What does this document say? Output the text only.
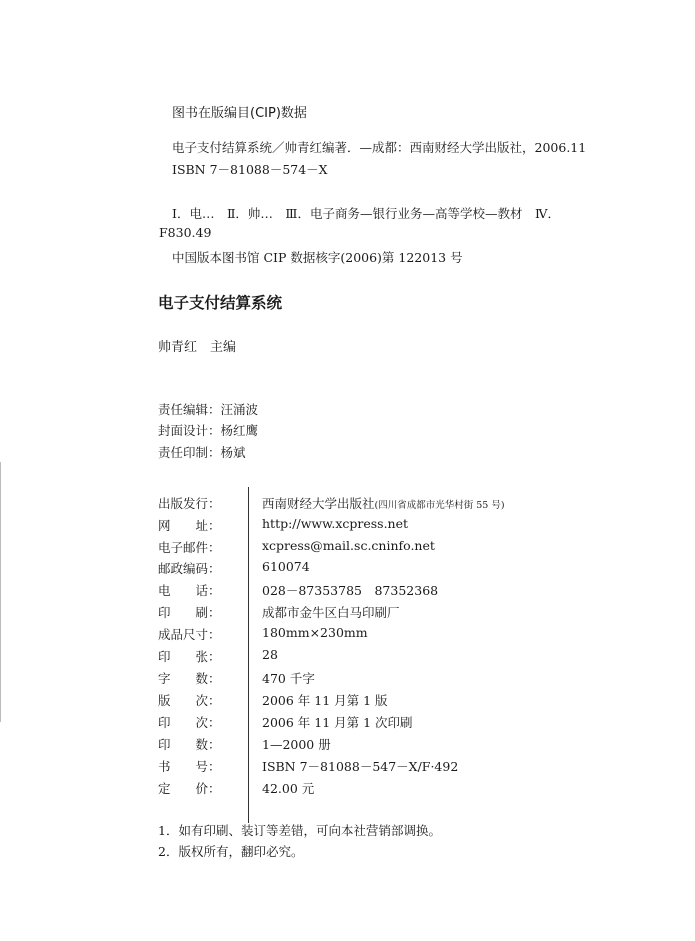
图书在版编目(CIP)数据
电子支付结算系统／帅青红编著．—成都：西南财经大学出版社，2006.11
ISBN 7－81088－574－X
Ⅰ．电…　Ⅱ．帅…　Ⅲ．电子商务—银行业务—高等学校—教材　Ⅳ．
F830.49
中国版本图书馆 CIP 数据核字(2006)第 122013 号
电子支付结算系统
帅青红　主编
责任编辑：汪涌波
封面设计：杨红鹰
责任印制：杨斌
出版发行：	西南财经大学出版社(四川省成都市光华村街 55 号)
网　　址：	http://www.xcpress.net
电子邮件：	xcpress@mail.sc.cninfo.net
邮政编码：	610074
电　　话：	028－87353785　87352368
印　　刷：	成都市金牛区白马印刷厂
成品尺寸：	180mm×230mm
印　　张：	28
字　　数：	470 千字
版　　次：	2006 年 11 月第 1 版
印　　次：	2006 年 11 月第 1 次印刷
印　　数：	1—2000 册
书　　号：	ISBN 7－81088－547－X/F·492
定　　价：	42.00 元
1．如有印刷、装订等差错，可向本社营销部调换。
2．版权所有，翻印必究。
